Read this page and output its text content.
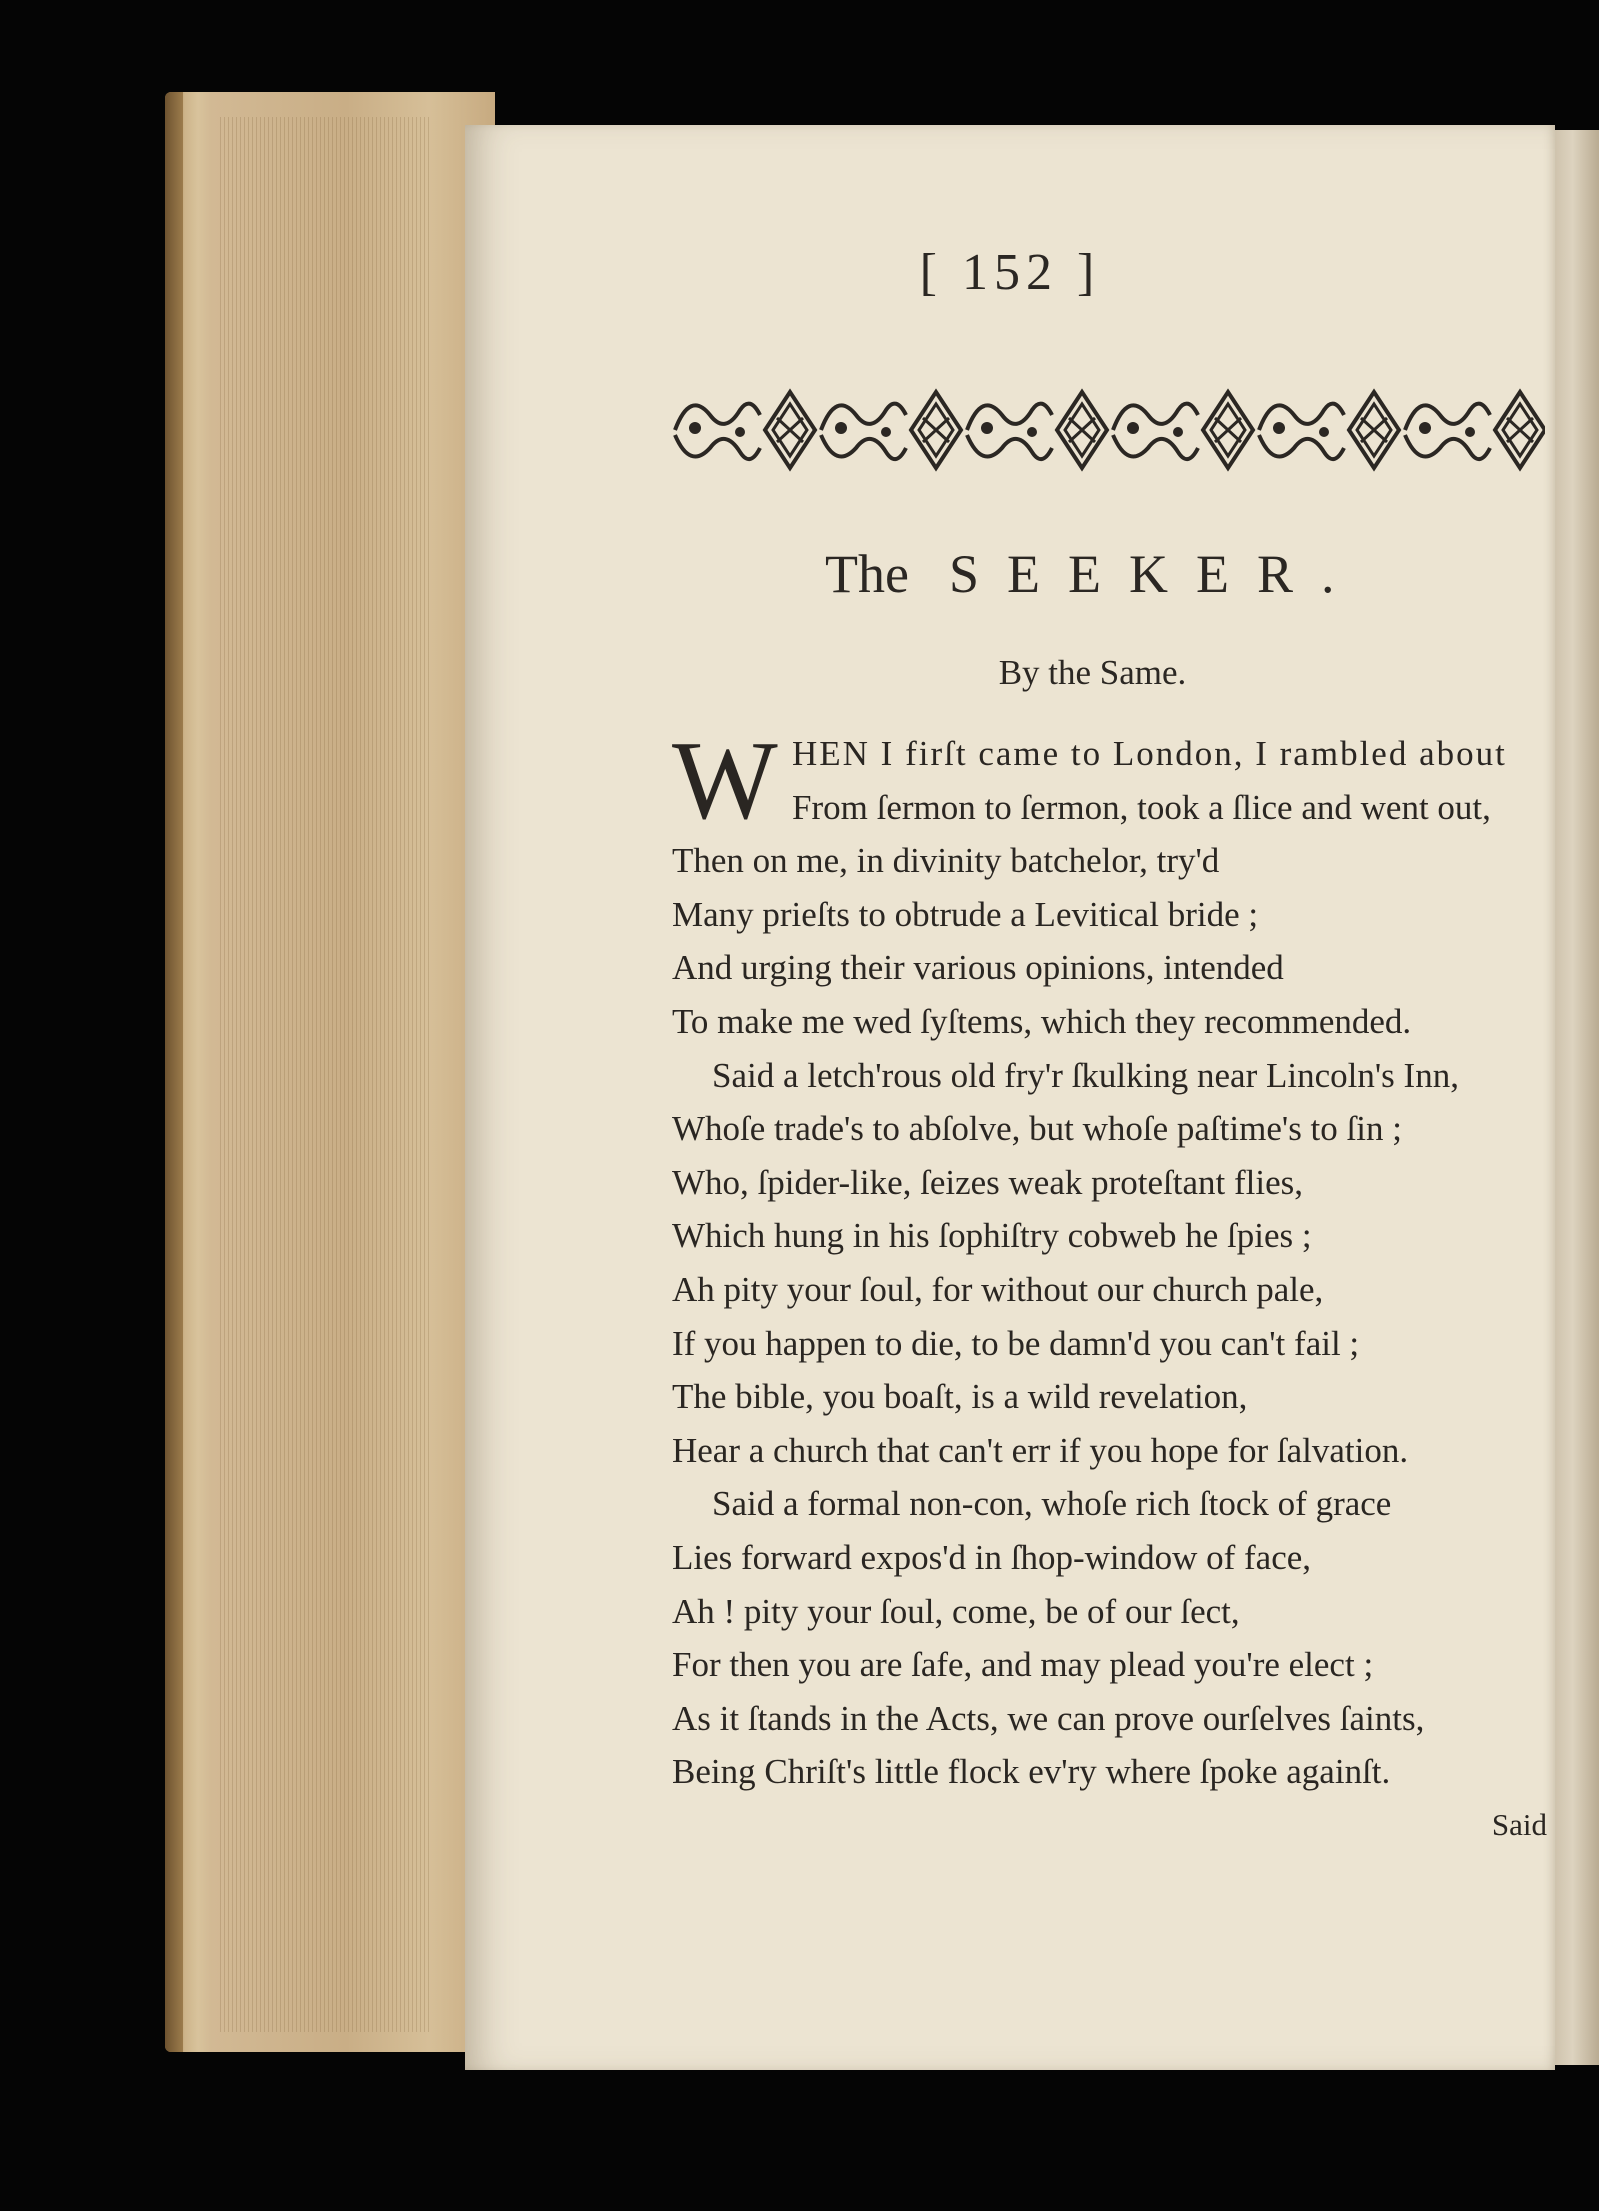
[ 152 ]
The SEEKER.
By the Same.
W HEN I firſt came to London, I rambled about
From ſermon to ſermon, took a ſlice and went out,
Then on me, in divinity batchelor, try'd
Many prieſts to obtrude a Levitical bride ;
And urging their various opinions, intended
To make me wed ſyſtems, which they recommended.
Said a letch'rous old fry'r ſkulking near Lincoln's Inn,
Whoſe trade's to abſolve, but whoſe paſtime's to ſin ;
Who, ſpider-like, ſeizes weak proteſtant flies,
Which hung in his ſophiſtry cobweb he ſpies ;
Ah pity your ſoul, for without our church pale,
If you happen to die, to be damn'd you can't fail ;
The bible, you boaſt, is a wild revelation,
Hear a church that can't err if you hope for ſalvation.
Said a formal non-con, whoſe rich ſtock of grace
Lies forward expos'd in ſhop-window of face,
Ah ! pity your ſoul, come, be of our ſect,
For then you are ſafe, and may plead you're elect ;
As it ſtands in the Acts, we can prove ourſelves ſaints,
Being Chriſt's little flock ev'ry where ſpoke againſt.
Said
